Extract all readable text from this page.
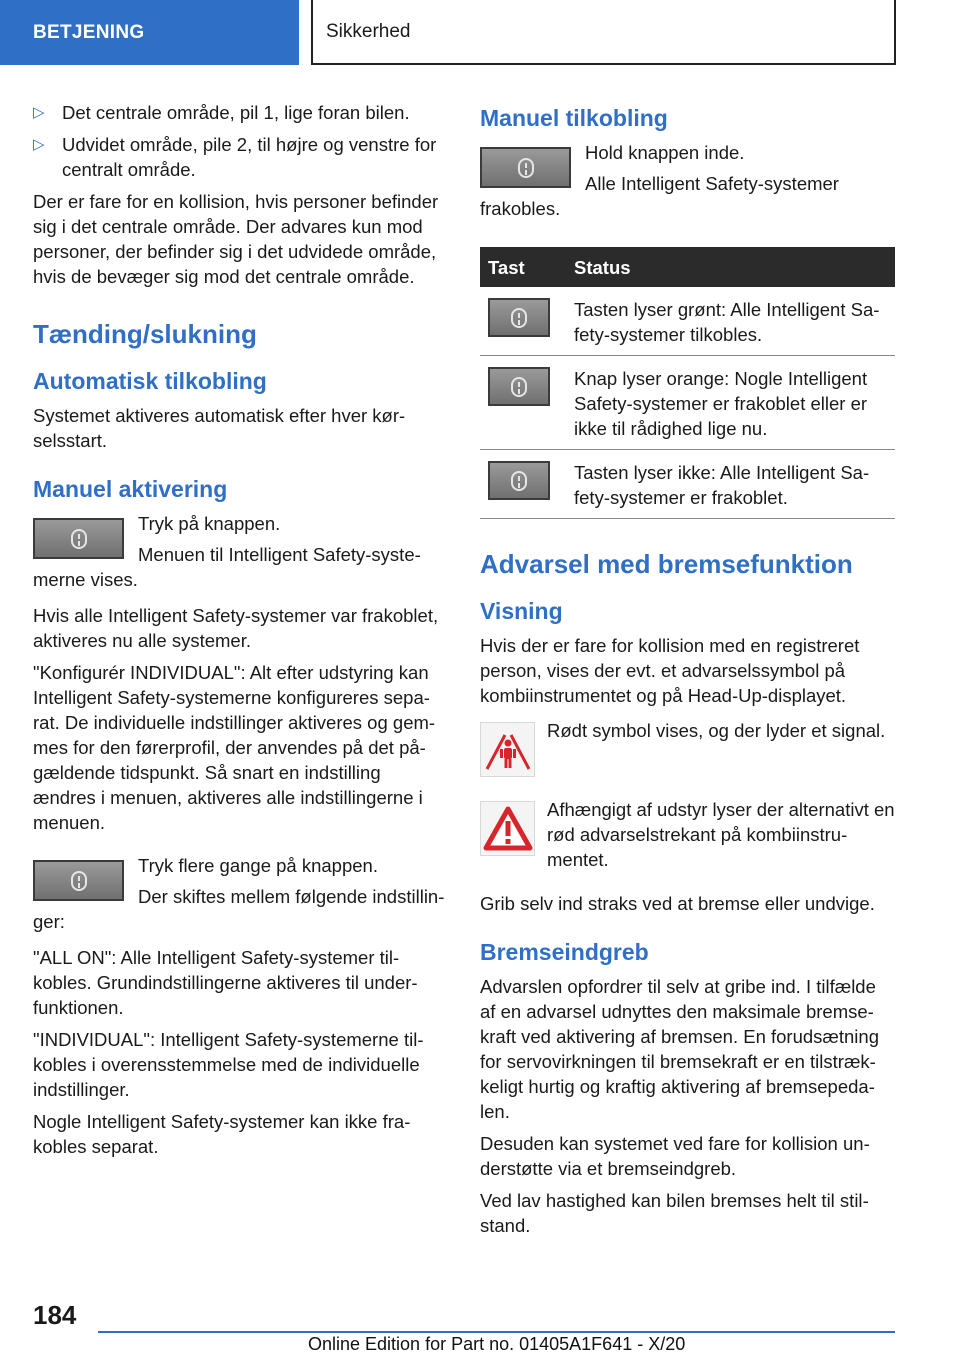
BETJENING	Sikkerhed
▷ Det centrale område, pil 1, lige foran bilen.
▷ Udvidet område, pile 2, til højre og venstre for centralt område.

Der er fare for en kollision, hvis personer befinder sig i det centrale område. Der advares kun mod personer, der befinder sig i det udvidede område, hvis de bevæger sig mod det centrale område.

Tænding/slukning
Automatisk tilkobling

Systemet aktiveres automatisk efter hver kørselsstart.

Manuel aktivering

Tryk på knappen.

Menuen til Intelligent Safety-systemerne vises.

Hvis alle Intelligent Safety-systemer var frakoblet, aktiveres nu alle systemer.

"Konfigurér INDIVIDUAL": Alt efter udstyring kan Intelligent Safety-systemerne konfigureres separat. De individuelle indstillinger aktiveres og gemmes for den førerprofil, der anvendes på det pågældende tidspunkt. Så snart en indstilling ændres i menuen, aktiveres alle indstillingerne i menuen.

Tryk flere gange på knappen.

Der skiftes mellem følgende indstillinger:

"ALL ON": Alle Intelligent Safety-systemer tilkobles. Grundindstillingerne aktiveres til underfunktionen.

"INDIVIDUAL": Intelligent Safety-systemerne tilkobles i overensstemmelse med de individuelle indstillinger.

Nogle Intelligent Safety-systemer kan ikke frakobles separat.

Manuel tilkobling

Hold knappen inde.

Alle Intelligent Safety-systemer frakobles.

Tast	Status

	Tasten lyser grønt: Alle Intelligent Safety-systemer tilkobles.

	Knap lyser orange: Nogle Intelligent Safety-systemer er frakoblet eller er ikke til rådighed lige nu.

	Tasten lyser ikke: Alle Intelligent Safety-systemer er frakoblet.
Advarsel med bremsefunktion
Visning

Hvis der er fare for kollision med en registreret person, vises der evt. et advarselssymbol på kombiinstrumentet og på Head-Up-displayet.

Rødt symbol vises, og der lyder et signal.

Afhængigt af udstyr lyser der alternativt en rød advarselstrekant på kombiinstrumentet.

Grib selv ind straks ved at bremse eller undvige.

Bremseindgreb

Advarslen opfordrer til selv at gribe ind. I tilfælde af en advarsel udnyttes den maksimale bremsekraft ved aktivering af bremsen. En forudsætning for servovirkningen til bremsekraft er en tilstrækkeligt hurtig og kraftig aktivering af bremsepedalen.

Desuden kan systemet ved fare for kollision understøtte via et bremseindgreb.

Ved lav hastighed kan bilen bremses helt til stilstand.

184
Online Edition for Part no. 01405A1F641 - X/20
